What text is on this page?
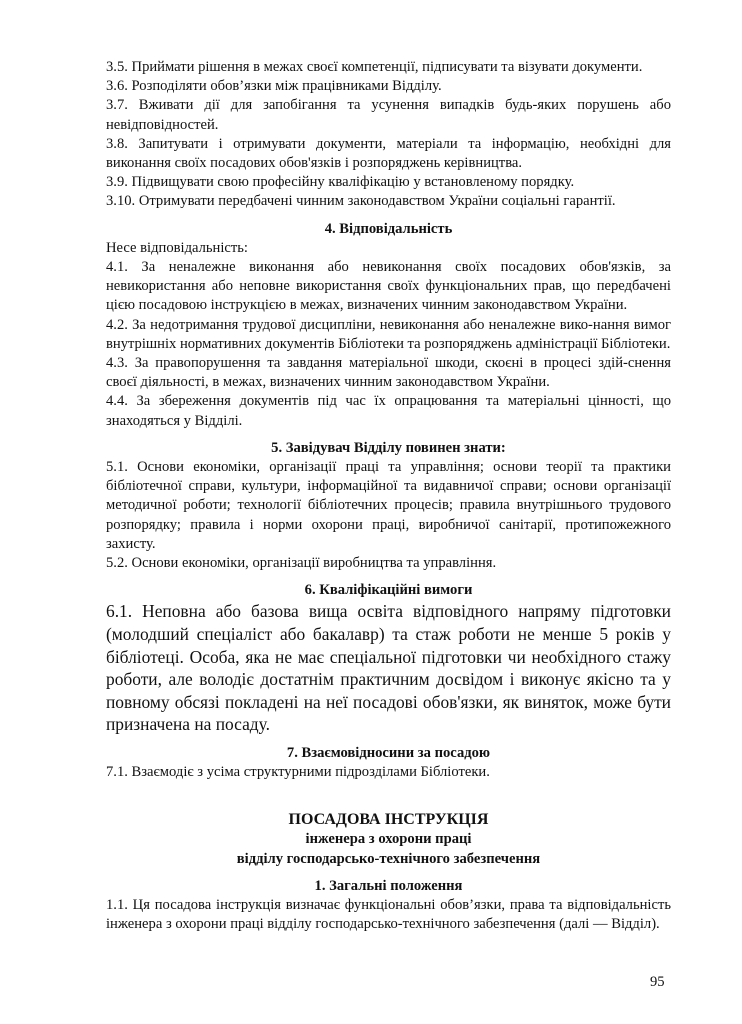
3.5. Приймати рішення в межах своєї компетенції, підписувати та візувати документи.

3.6. Розподіляти обов’язки між працівниками Відділу.

3.7. Вживати дії для запобігання та усунення випадків будь-яких порушень або невідповідностей.

3.8. Запитувати і отримувати документи, матеріали та інформацію, необхідні для виконання своїх посадових обов'язків і розпоряджень керівництва.

3.9. Підвищувати свою професійну кваліфікацію у встановленому порядку.

3.10. Отримувати передбачені чинним законодавством України соціальні гарантії.

4. Відповідальність

Несе відповідальність:

4.1. За неналежне виконання або невиконання своїх посадових обов'язків, за невикористання або неповне використання своїх функціональних прав, що передбачені цією посадовою інструкцією в межах, визначених чинним законодавством України.

4.2. За недотримання трудової дисципліни, невиконання або неналежне вико-нання вимог внутрішніх нормативних документів Бібліотеки та розпоряджень адміністрації Бібліотеки.

4.3. За правопорушення та завдання матеріальної шкоди, скоєні в процесі здій-снення своєї діяльності, в межах, визначених чинним законодавством України.

4.4. За збереження документів під час їх опрацювання та матеріальні цінності, що знаходяться у Відділі.

5. Завідувач Відділу повинен знати:

5.1. Основи економіки, організації праці та управління; основи теорії та практики бібліотечної справи, культури, інформаційної та видавничої справи; основи організації методичної роботи; технології бібліотечних процесів; правила внутрішнього трудового розпорядку; правила і норми охорони праці, виробничої санітарії, протипожежного захисту.

5.2. Основи економіки, організації виробництва та управління.

6. Кваліфікаційні вимоги

6.1. Неповна або базова вища освіта відповідного напряму підготовки (молодший спеціаліст або бакалавр) та стаж роботи не менше 5 років у бібліотеці. Особа, яка не має спеціальної підготовки чи необхідного стажу роботи, але володіє достатнім практичним досвідом і виконує якісно та у повному обсязі покладені на неї посадові обов'язки, як виняток, може бути призначена на посаду.

7. Взаємовідносини за посадою

7.1. Взаємодіє з усіма структурними підрозділами Бібліотеки.

ПОСАДОВА ІНСТРУКЦІЯ

інженера з охорони праці

відділу господарсько-технічного забезпечення

1. Загальні положення

1.1. Ця посадова інструкція визначає функціональні обов’язки, права та відповідальність інженера з охорони праці відділу господарсько-технічного забезпечення (далі — Відділ).

95
